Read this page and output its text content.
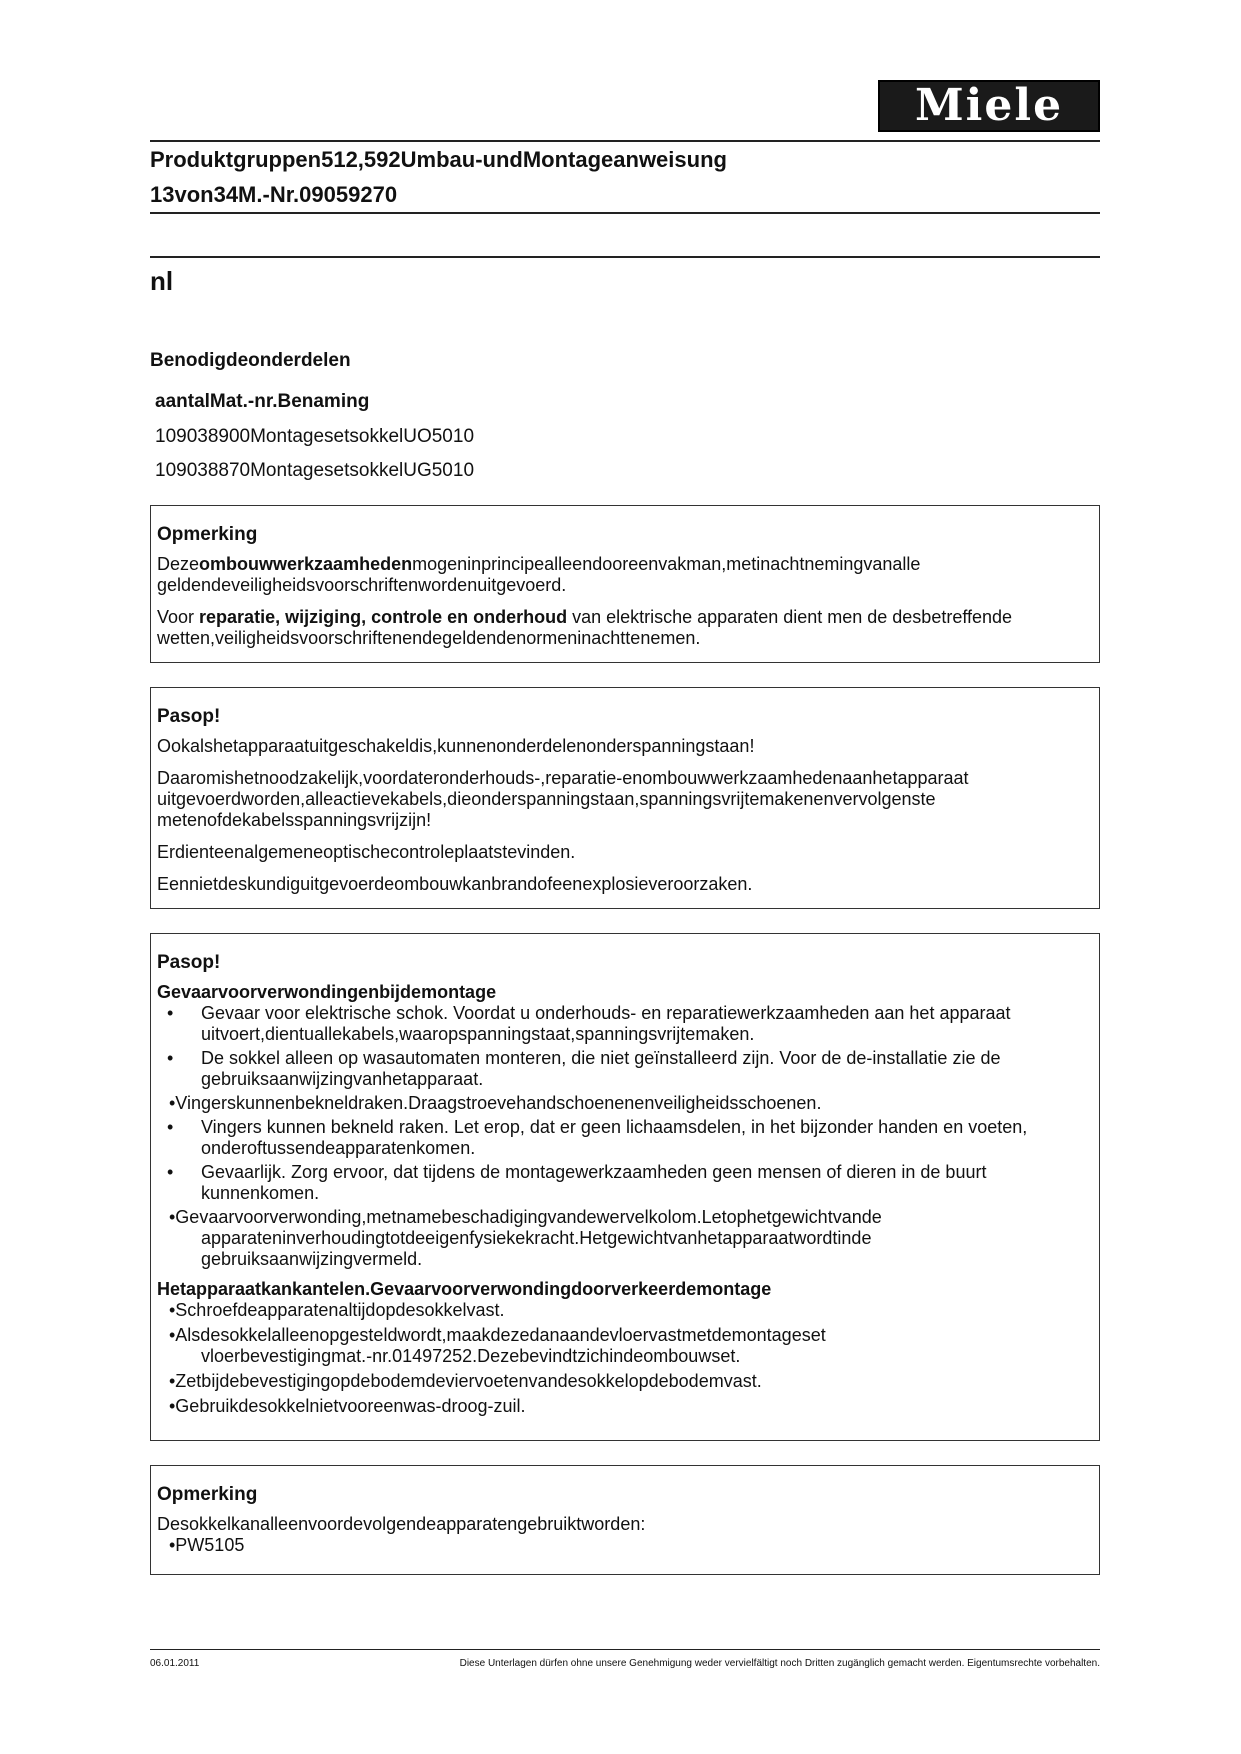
Miele
Produktgruppen512,592Umbau-undMontageanweisung
13von34M.-Nr.09059270
nl
Benodigdeonderdelen
aantalMat.-nr.Benaming
109038900MontagesetsokkelUO5010
109038870MontagesetsokkelUG5010
Opmerking

Dezeombouwwerkzaamhedenmogeninprincipealleendooreenvakman,metinachtnemingvanalle geldendeveiligheidsvoorschriftenwordenuitgevoerd.

Voor reparatie, wijziging, controle en onderhoud van elektrische apparaten dient men de desbetreffende wetten,veiligheidsvoorschriftenendegeldendenormeninachttenemen.

Pasop!

Ookalshetapparaatuitgeschakeldis,kunnenonderdelenonderspanningstaan!

Daaromishetnoodzakelijk,voordateronderhouds-,reparatie-enombouwwerkzaamhedenaanhetapparaat uitgevoerdworden,alleactievekabels,dieonderspanningstaan,spanningsvrijtemakenenvervolgenste metenofdekabelsspanningsvrijzijn!

Erdienteenalgemeneoptischecontroleplaatstevinden.

Eennietdeskundiguitgevoerdeombouwkanbrandofeenexplosieveroorzaken.

Pasop!
Gevaarvoorverwondingenbijdemontage
• Gevaar voor elektrische schok. Voordat u onderhouds- en reparatiewerkzaamheden aan het apparaat uitvoert,dientuallekabels,waaropspanningstaat,spanningsvrijtemaken.
• De sokkel alleen op wasautomaten monteren, die niet geïnstalleerd zijn. Voor de de-installatie zie de gebruiksaanwijzingvanhetapparaat.
•Vingerskunnenbekneldraken.Draagstroevehandschoenenenveiligheidsschoenen.
• Vingers kunnen bekneld raken. Let erop, dat er geen lichaamsdelen, in het bijzonder handen en voeten, onderoftussendeapparatenkomen.
• Gevaarlijk. Zorg ervoor, dat tijdens de montagewerkzaamheden geen mensen of dieren in de buurt kunnenkomen.
•Gevaarvoorverwonding,metnamebeschadigingvandewervelkolom.Letophetgewichtvande
apparateninverhoudingtotdeeigenfysiekekracht.Hetgewichtvanhetapparaatwordtinde gebruiksaanwijzingvermeld.
Hetapparaatkankantelen.Gevaarvoorverwondingdoorverkeerdemontage
•Schroefdeapparatenaltijdopdesokkelvast.
•Alsdesokkelalleenopgesteldwordt,maakdezedanaandevloervastmetdemontageset
vloerbevestigingmat.-nr.01497252.Dezebevindtzichindeombouwset.
•Zetbijdebevestigingopdebodemdeviervoetenvandesokkelopdebodemvast.
•Gebruikdesokkelnietvooreenwas-droog-zuil.
Opmerking
Desokkelkanalleenvoordevolgendeapparatengebruiktworden:
•PW5105
06.01.2011	Diese Unterlagen dürfen ohne unsere Genehmigung weder vervielfältigt noch Dritten zugänglich gemacht werden. Eigentumsrechte vorbehalten.
